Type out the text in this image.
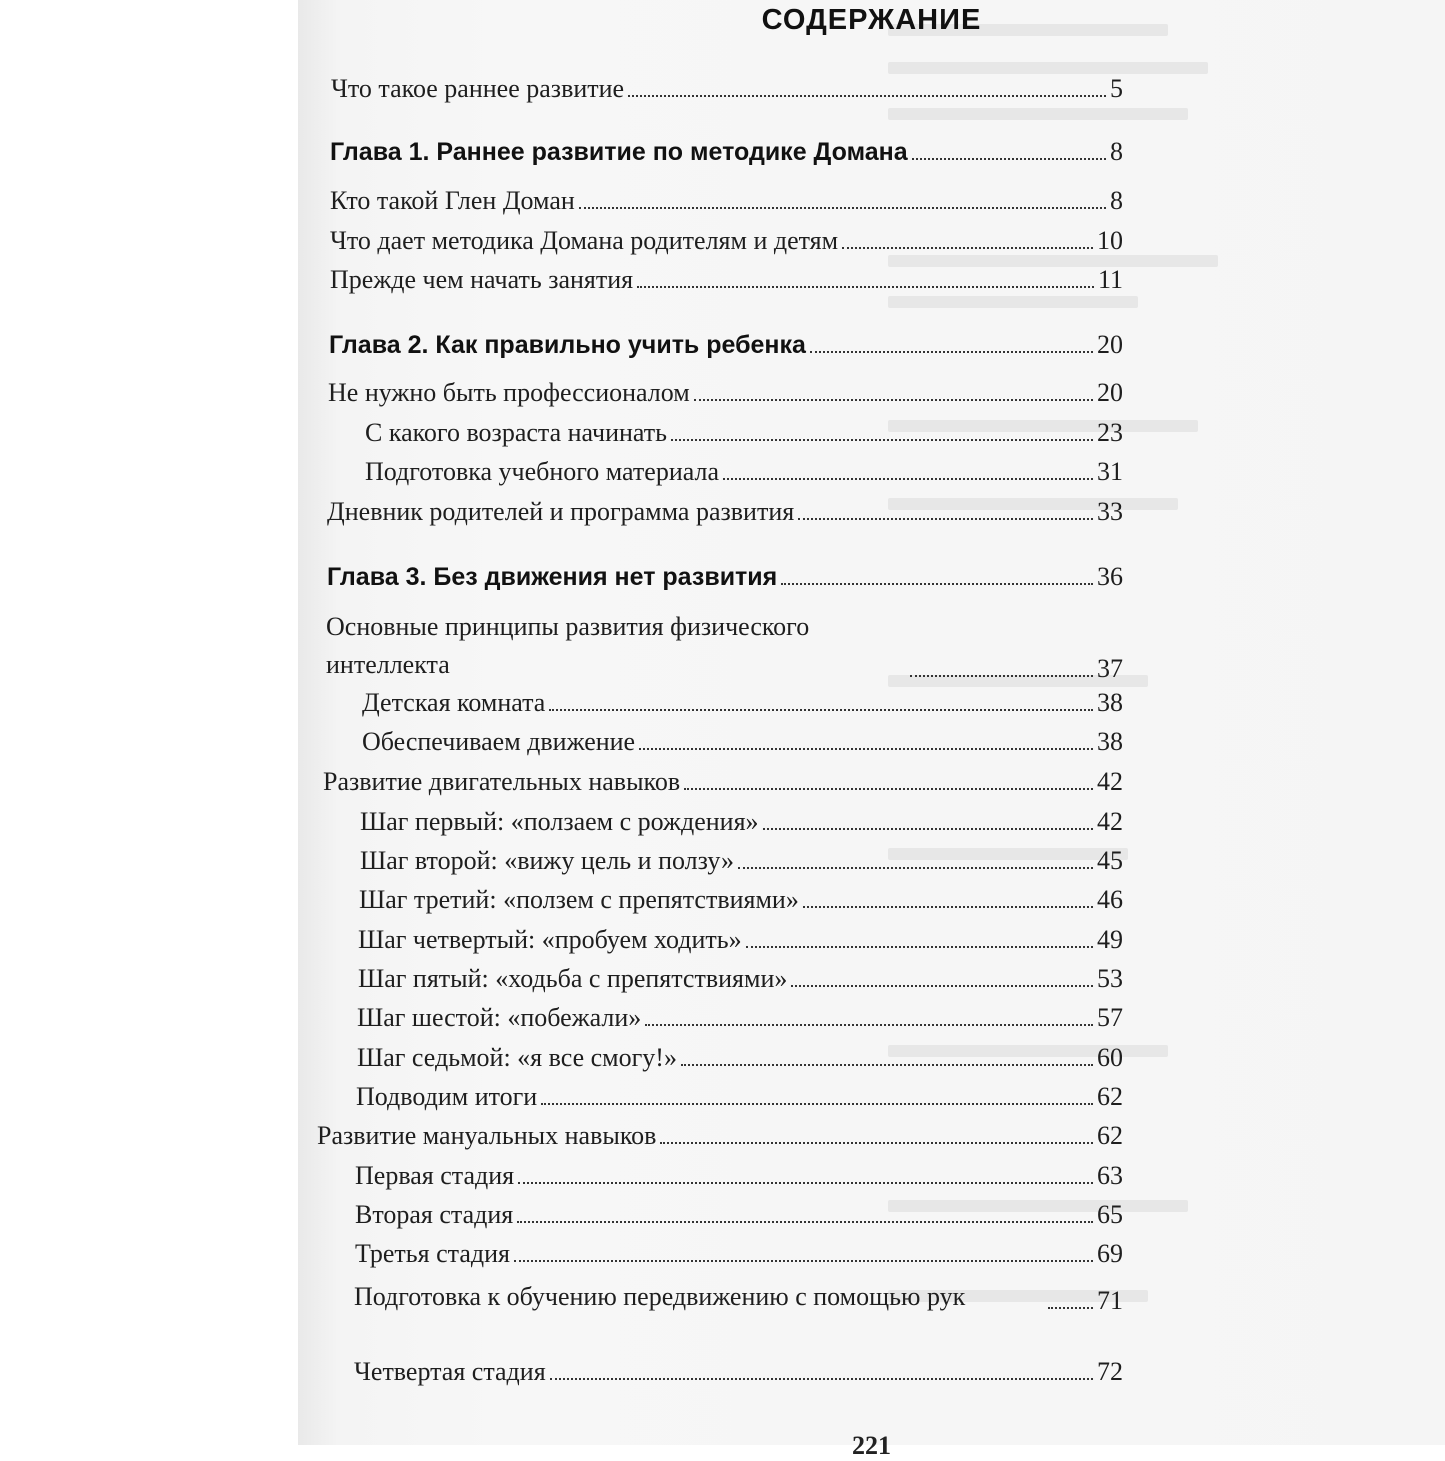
СОДЕРЖАНИЕ
Что такое раннее развитие	5
Глава 1. Раннее развитие по методике Домана	8
Кто такой Глен Доман	8
Что дает методика Домана родителям и детям	10
Прежде чем начать занятия	11
Глава 2. Как правильно учить ребенка	20
Не нужно быть профессионалом	20
С какого возраста начинать	23
Подготовка учебного материала	31
Дневник родителей и программа развития	33
Глава 3. Без движения нет развития	36
Основные принципы развития физического интеллекта	37
Детская комната	38
Обеспечиваем движение	38
Развитие двигательных навыков	42
Шаг первый: «ползаем с рождения»	42
Шаг второй: «вижу цель и ползу»	45
Шаг третий: «ползем с препятствиями»	46
Шаг четвертый: «пробуем ходить»	49
Шаг пятый: «ходьба с препятствиями»	53
Шаг шестой: «побежали»	57
Шаг седьмой: «я все смогу!»	60
Подводим итоги	62
Развитие мануальных навыков	62
Первая стадия	63
Вторая стадия	65
Третья стадия	69
Подготовка к обучению передвижению с помощью рук	71
Четвертая стадия	72
221
